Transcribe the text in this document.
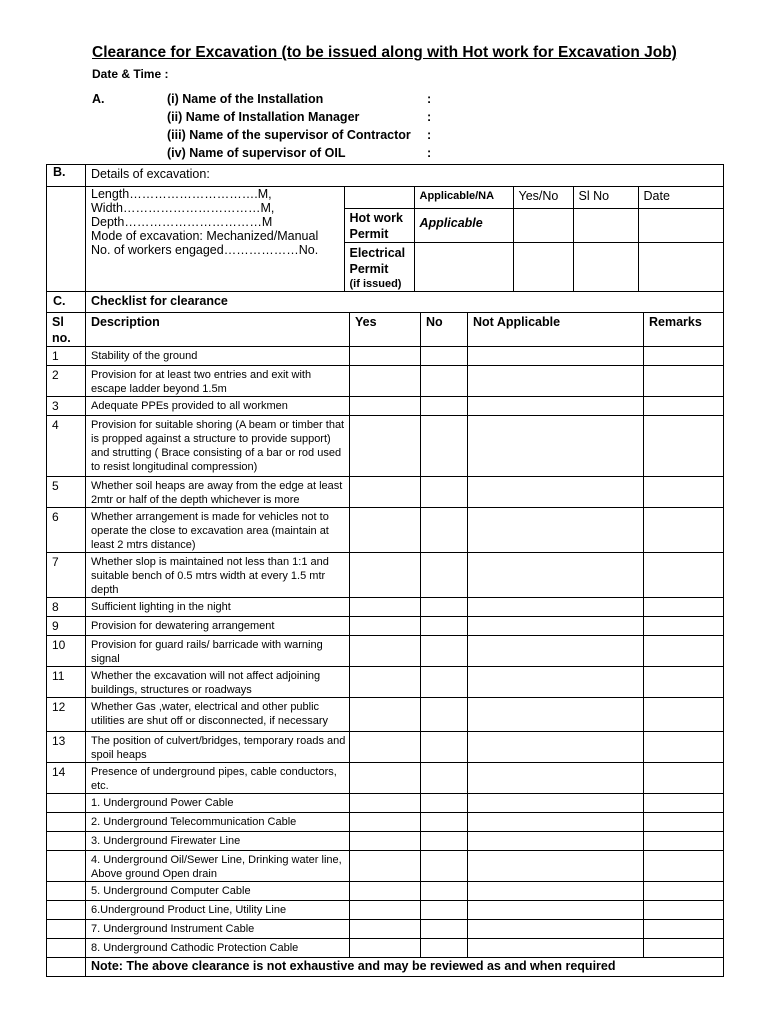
Clearance for Excavation (to be issued along with Hot work for Excavation Job)
Date & Time :
A.	(i) Name of the Installation	:
(ii) Name of Installation Manager	:
(iii) Name of the supervisor of Contractor :
(iv) Name of supervisor of OIL	:
B.	Details of excavation:

Length………………………….M,
Width……………………………M,
Depth……………………………M
Mode of excavation: Mechanized/Manual
No. of workers engaged………………No.
		Applicable/NA	Yes/No	Sl No	Date
Hot work Permit	Applicable			

Electrical Permit
(if issued)

C.	Checklist for clearance
Sl no.	Description	Yes	No	Not Applicable	Remarks
1	Stability of the ground				
2	Provision for at least two entries and exit with escape ladder beyond 1.5m				
3	Adequate PPEs provided to all workmen				
4	Provision for suitable shoring (A beam or timber that is propped against a structure to provide support) and strutting ( Brace consisting of a bar or rod used to resist longitudinal compression)				
5	Whether soil heaps are away from the edge at least 2mtr or half of the depth whichever is more				
6	Whether arrangement is made for vehicles not to operate the close to excavation area (maintain at least 2 mtrs distance)				
7	Whether slop is maintained not less than 1:1 and suitable bench of 0.5 mtrs width at every 1.5 mtr depth				
8	Sufficient lighting in the night				
9	Provision for dewatering arrangement				
10	Provision for guard rails/ barricade with warning signal				
11	Whether the excavation will not affect adjoining buildings, structures or roadways				
12	Whether Gas ,water, electrical and other public utilities are shut off or disconnected, if necessary				
13	The position of culvert/bridges, temporary roads and spoil heaps				
14	Presence of underground pipes, cable conductors, etc.				
	1. Underground Power Cable				
	2. Underground Telecommunication Cable				
	3. Underground Firewater Line				
	4. Underground Oil/Sewer Line, Drinking water line,
Above ground Open drain				
	5. Underground Computer Cable				
	6.Underground Product Line, Utility Line				
	7. Underground Instrument Cable				
	8. Underground Cathodic Protection Cable				
	Note: The above clearance is not exhaustive and may be reviewed as and when required
